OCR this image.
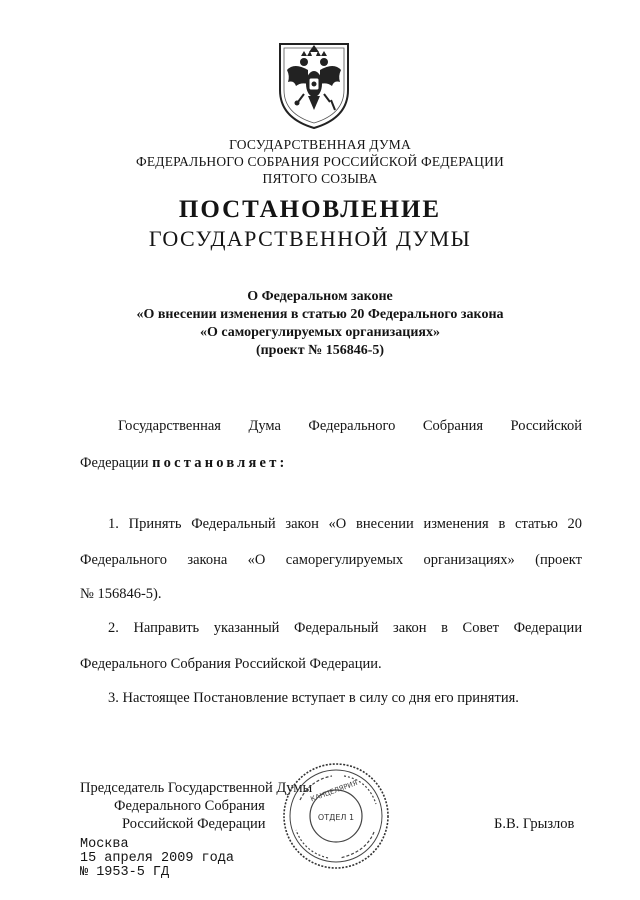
ГОСУДАРСТВЕННАЯ ДУМА
ФЕДЕРАЛЬНОГО СОБРАНИЯ РОССИЙСКОЙ ФЕДЕРАЦИИ
ПЯТОГО СОЗЫВА
ПОСТАНОВЛЕНИЕ
ГОСУДАРСТВЕННОЙ ДУМЫ
О Федеральном законе
«О внесении изменения в статью 20 Федерального закона
«О саморегулируемых организациях»
(проект № 156846-5)
Государственная Дума Федерального Собрания Российской
Федерации постановляет:
1. Принять Федеральный закон «О внесении изменения в статью 20
Федерального закона «О саморегулируемых организациях» (проект
№ 156846-5).
2. Направить указанный Федеральный закон в Совет Федерации
Федерального Собрания Российской Федерации.
3. Настоящее Постановление вступает в силу со дня его принятия.
Председатель Государственной Думы
Федерального Собрания
Российской Федерации	Б.В. Грызлов
ОТДЕЛ 1
КАНЦЕЛЯРИЯ
Москва
15 апреля 2009 года
№ 1953-5 ГД
